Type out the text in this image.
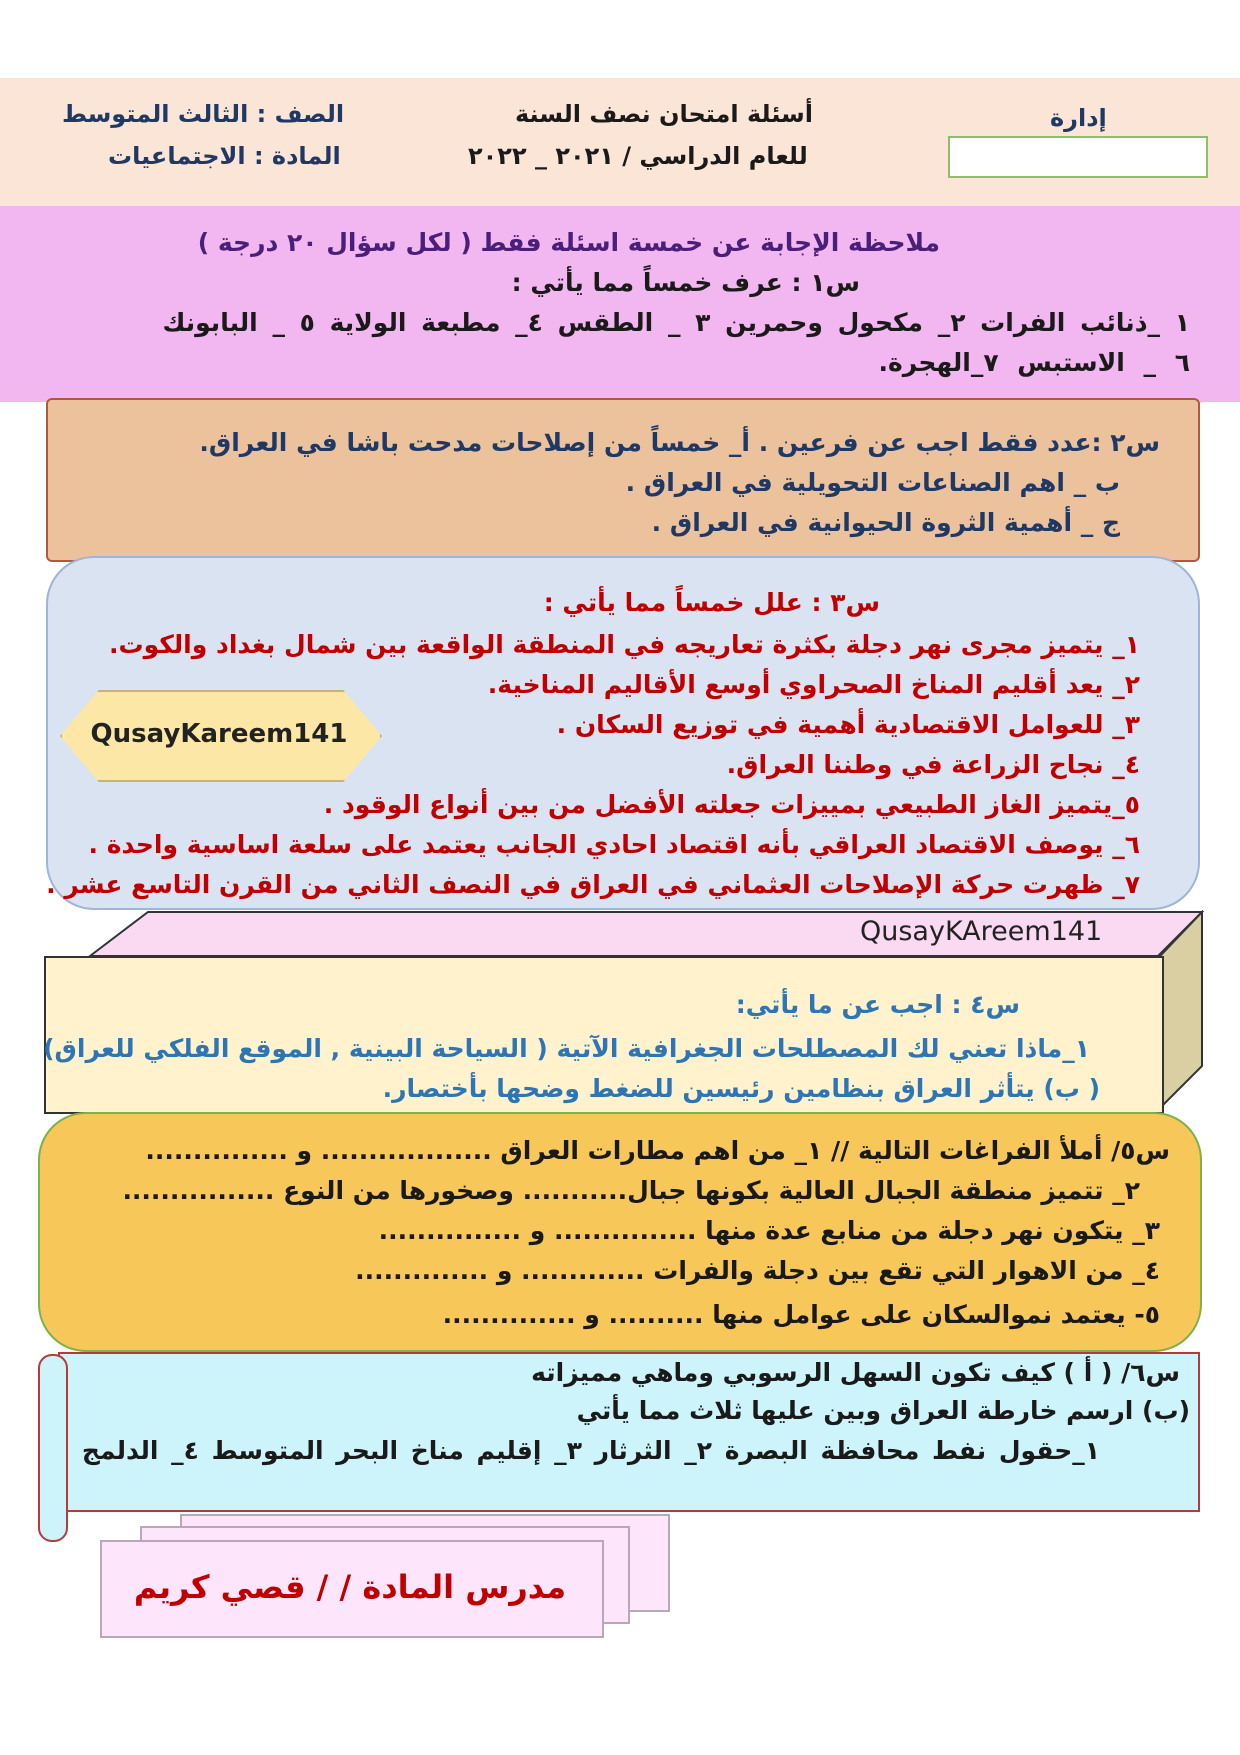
الصف : الثالث المتوسط
المادة : الاجتماعيات
أسئلة امتحان نصف السنة
للعام الدراسي / ٢٠٢١ _ ٢٠٢٢
إدارة
ملاحظة الإجابة عن خمسة اسئلة فقط ( لكل سؤال ٢٠ درجة )
س١ : عرف خمساً مما يأتي :
١ _ذنائب الفرات ٢_ مكحول وحمرين ٣ _ الطقس ٤_ مطبعة الولاية ٥ _ البابونك
٦ _ الاستبس ٧_الهجرة.
س٢ :عدد فقط اجب عن فرعين . أ_ خمساً من إصلاحات مدحت باشا في العراق.
ب _ اهم الصناعات التحويلية في العراق .
ج _ أهمية الثروة الحيوانية في العراق .
س٣ : علل خمساً مما يأتي :
١_ يتميز مجرى نهر دجلة بكثرة تعاريجه في المنطقة الواقعة بين شمال بغداد والكوت.
٢_ يعد أقليم المناخ الصحراوي أوسع الأقاليم المناخية.
٣_ للعوامل الاقتصادية أهمية في توزيع السكان .
٤_ نجاح الزراعة في وطننا العراق.
٥_يتميز الغاز الطبيعي بمييزات جعلته الأفضل من بين أنواع الوقود .
٦_ يوصف الاقتصاد العراقي بأنه اقتصاد احادي الجانب يعتمد على سلعة اساسية واحدة .
٧_ ظهرت حركة الإصلاحات العثماني في العراق في النصف الثاني من القرن التاسع عشر .
QusayKareem141
QusayKAreem141
س٤ : اجب عن ما يأتي:
١_ماذا تعني لك المصطلحات الجغرافية الآتية ( السياحة البينية , الموقع الفلكي للعراق)
( ب) يتأثر العراق بنظامين رئيسين للضغط وضحها بأختصار.
س٥/ أملأ الفراغات التالية // ١_ من اهم مطارات العراق .................. و ...............
٢_ تتميز منطقة الجبال العالية بكونها جبال........... وصخورها من النوع ................
٣_ يتكون نهر دجلة من منابع عدة منها ............... و ...............
٤_ من الاهوار التي تقع بين دجلة والفرات ............. و ..............
٥- يعتمد نموالسكان على عوامل منها .......... و ..............
س٦/ ( أ ) كيف تكون السهل الرسوبي وماهي مميزاته
(ب) ارسم خارطة العراق وبين عليها ثلاث مما يأتي
١_حقول نفط محافظة البصرة ٢_ الثرثار ٣_ إقليم مناخ البحر المتوسط ٤_ الدلمج
مدرس المادة / / قصي كريم
